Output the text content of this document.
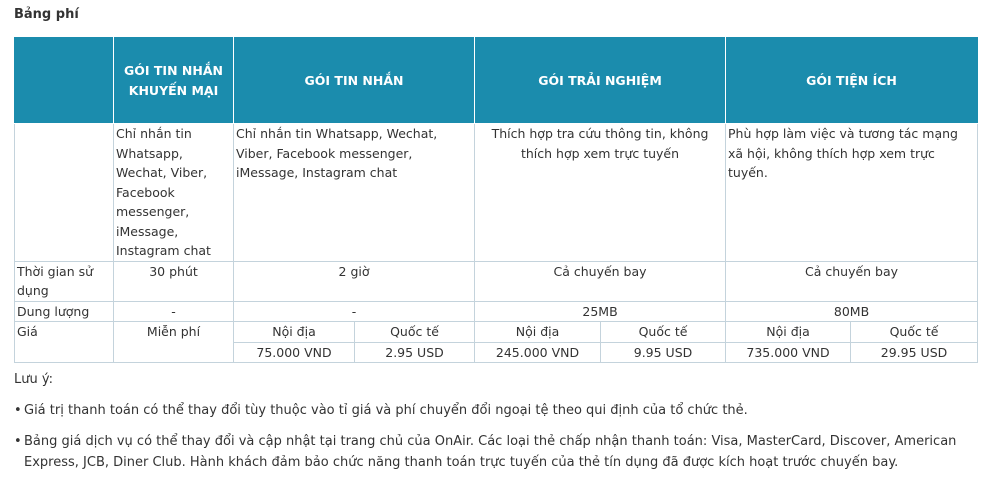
Bảng phí
	GÓI TIN NHẮN KHUYẾN MẠI	GÓI TIN NHẮN		GÓI TRẢI NGHIỆM		GÓI TIỆN ÍCH	
	Chỉ nhắn tin Whatsapp, Wechat, Viber, Facebook messenger, iMessage, Instagram chat	Chỉ nhắn tin Whatsapp, Wechat, Viber, Facebook messenger, iMessage, Instagram chat		Thích hợp tra cứu thông tin, không thích hợp xem trực tuyến		Phù hợp làm việc và tương tác mạng xã hội, không thích hợp xem trực tuyến.	
Thời gian sử dụng	30 phút	2 giờ		Cả chuyến bay		Cả chuyến bay	
Dung lượng	-	-		25MB		80MB	
Giá	Miễn phí	Nội địa	Quốc tế	Nội địa	Quốc tế	Nội địa	Quốc tế
		75.000 VND	2.95 USD	245.000 VND	9.95 USD	735.000 VND	29.95 USD
Lưu ý:
• Giá trị thanh toán có thể thay đổi tùy thuộc vào tỉ giá và phí chuyển đổi ngoại tệ theo qui định của tổ chức thẻ.
• Bảng giá dịch vụ có thể thay đổi và cập nhật tại trang chủ của OnAir. Các loại thẻ chấp nhận thanh toán: Visa, MasterCard, Discover, American Express, JCB, Diner Club. Hành khách đảm bảo chức năng thanh toán trực tuyến của thẻ tín dụng đã được kích hoạt trước chuyến bay.
